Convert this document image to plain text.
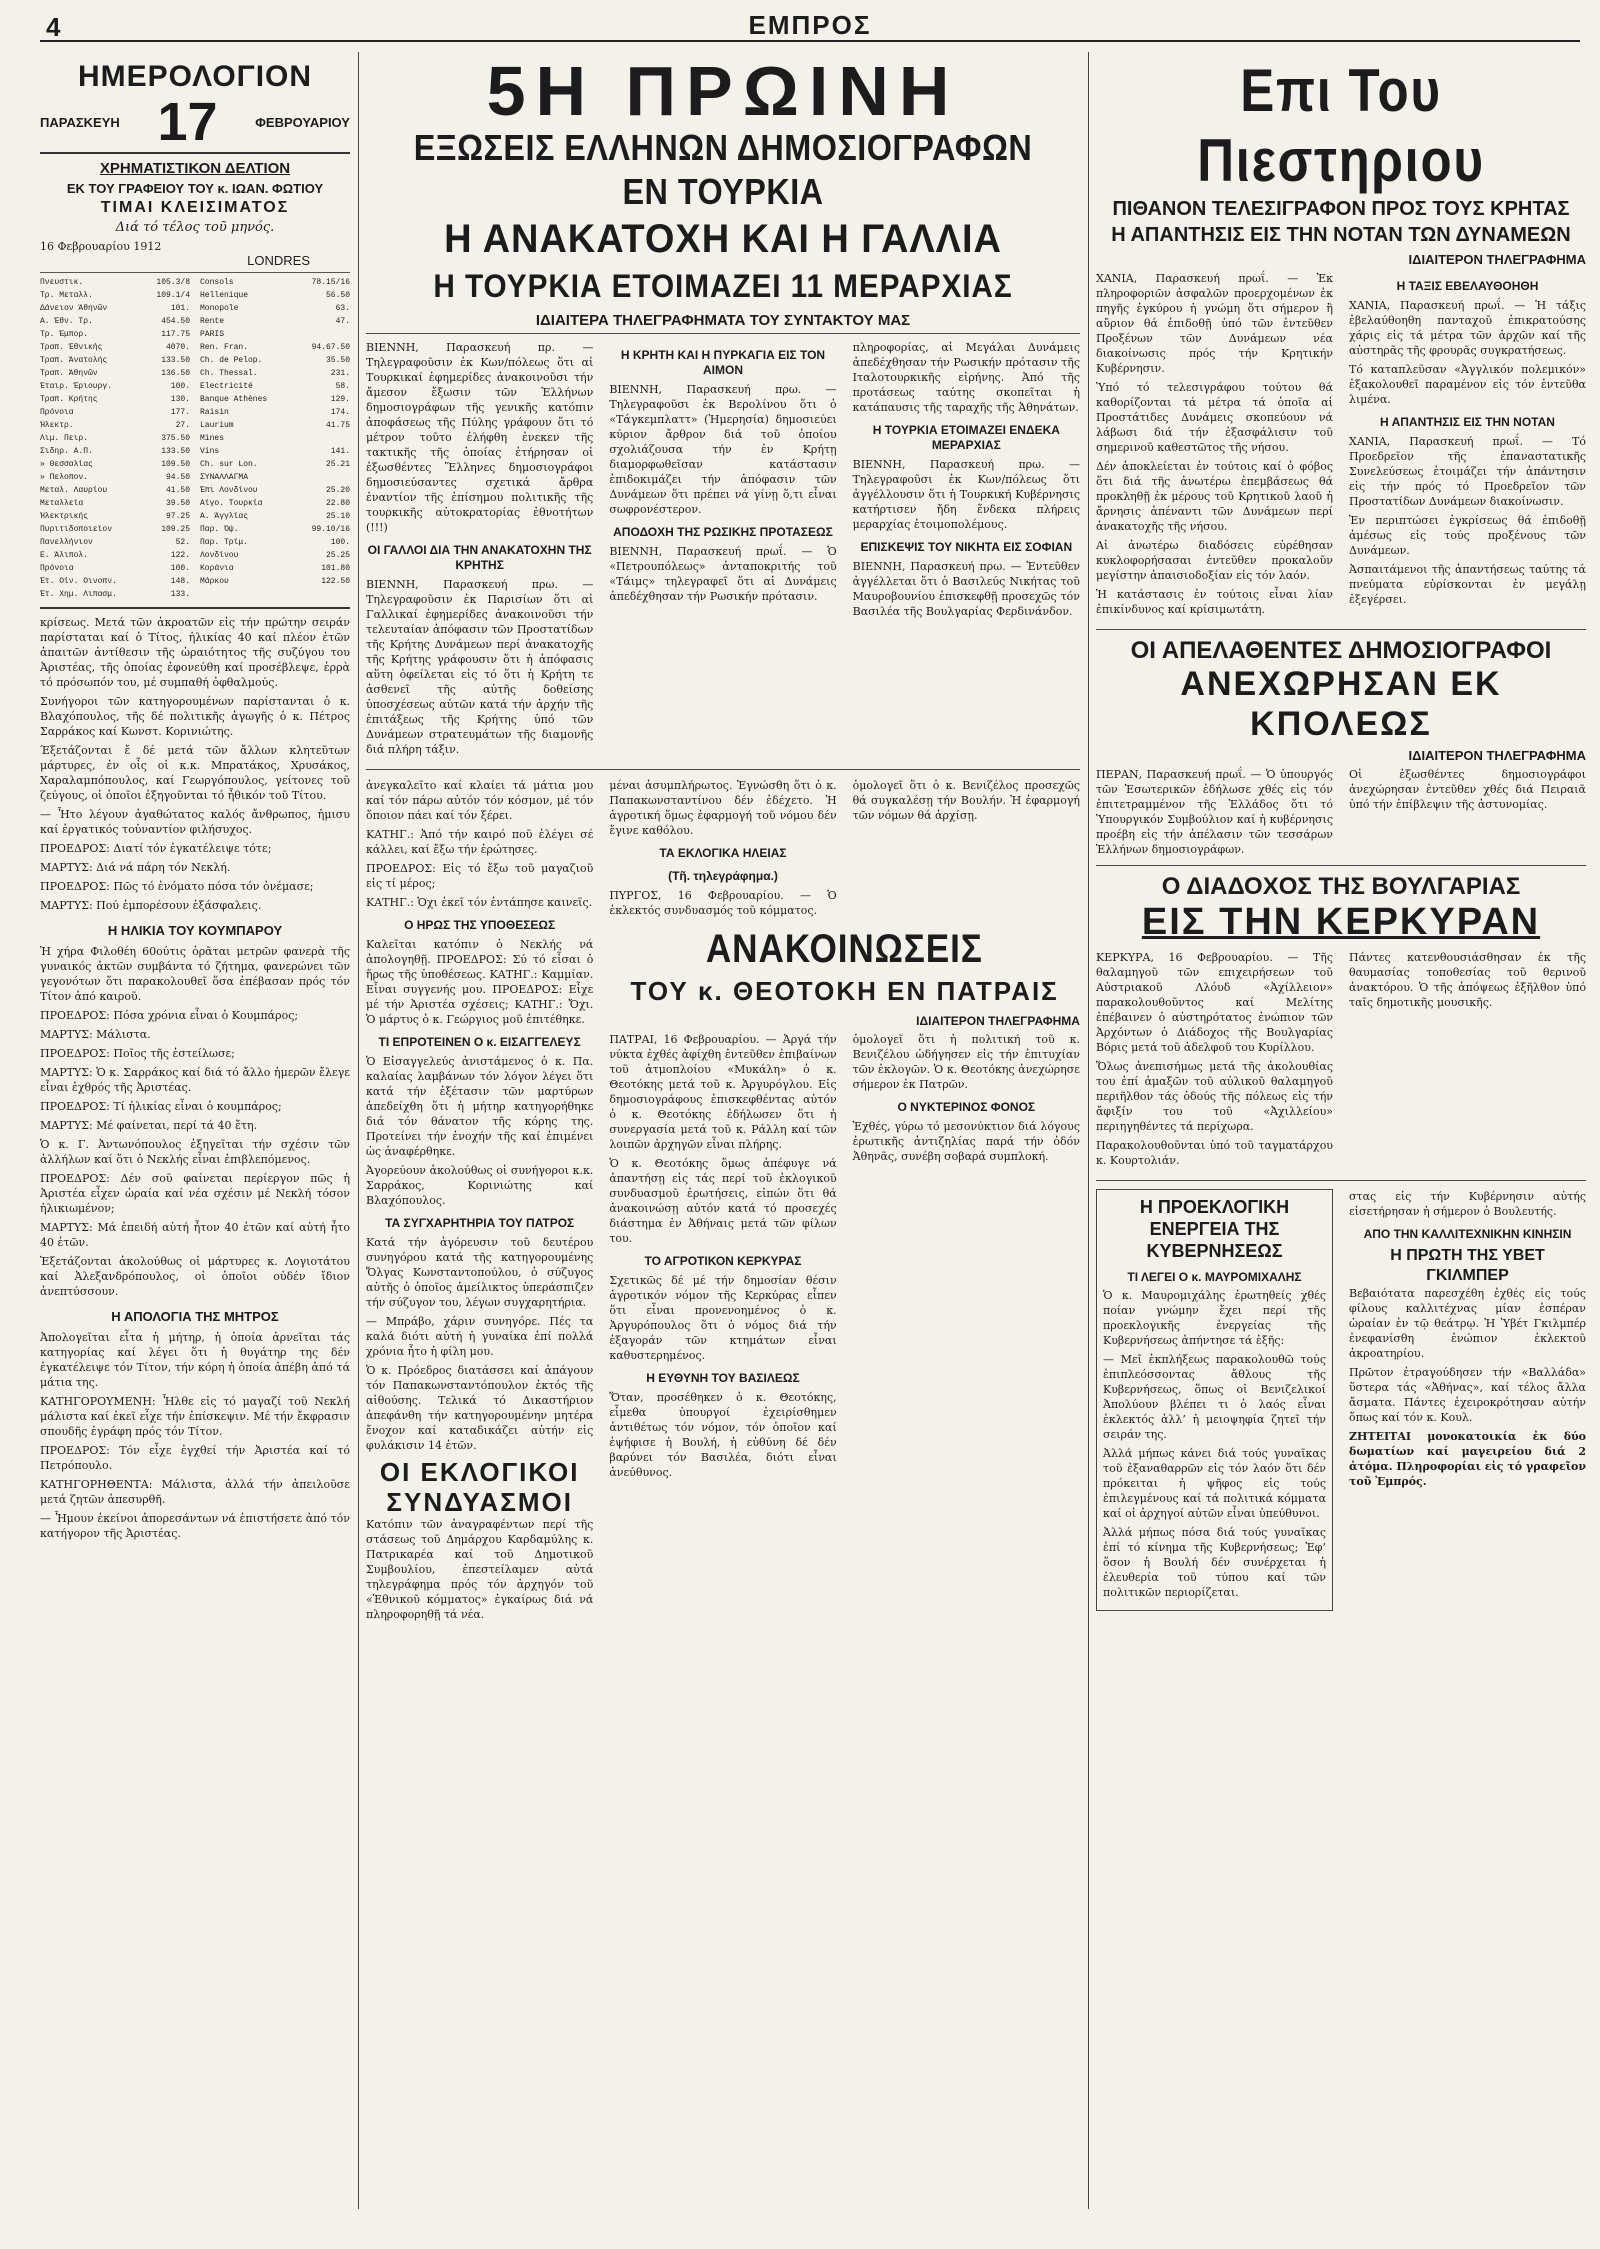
4	ΕΜΠΡΟΣ
ΗΜΕΡΟΛΟΓΙΟΝ
ΠΑΡΑΣΚΕΥΗ 17	ΦΕΒΡΟΥΑΡΙΟΥ
ΧΡΗΜΑΤΙΣΤΙΚΟΝ ΔΕΛΤΙΟΝ
ΕΚ ΤΟΥ ΓΡΑΦΕΙΟΥ ΤΟΥ κ. ΙΩΑΝ. ΦΩΤΙΟΥ
ΤΙΜΑΙ ΚΛΕΙΣΙΜΑΤΟΣ
Διά τό τέλος τοῦ μηνός.
16 Φεβρουαρίου 1912
LONDRES
Πνευστικ.	105.3/8
Τρ. Μεταλλ.	109.1/4
Δάνειον Άθηνῶν	101.
Α. Έθν. Τρ.	454.50
Τρ. Έμπορ.	117.75
Τραπ. Έθνικής	4070.
Τραπ. Άνατολής	133.50
Τραπ. Άθηνῶν	136.50
Έταιρ. Έριουργ.	100.
Τραπ. Κρήτης	130.
Πρόνοια	177.
Ήλεκτρ.	27.
Λιμ. Πειρ.	375.50
Σιδηρ. Α.Π.	133.50
» Θεσσαλίας	109.50
» Πελοπον.	94.50
Μεταλ. Λαυρίου	41.50
Μεταλλεία	39.50
Ήλεκτρικής	97.25
Πυριτιδοποιείον	109.25
Πανελλήνιον	52.
Ε. Άλιπολ.	122.
Πρόνοια	100.
Έτ. Οίν. Οινοπν.	148.
Έτ. Χημ. Λιπασμ.	133.
Consols	78.15/16
Hellenique	56.50
Monopole	63.
Rente	47.
PARIS
Ren. Fran.	94.67.50
Ch. de Pelop.	35.50
Ch. Thessal.	231.
Electricité	58.
Banque Athènes	129.
Raisin	174.
Laurium	41.75
Mines
Vins	141.
Ch. sur Lon.	25.21
ΣΥΝΑΛΛΑΓΜΑ
Έπι Λονδίνου	25.20
Αίγο. Τουρκία	22.80
Α. Άγγλίας	25.10
Παρ. Όψ.	99.10/16
Παρ. Τρίμ.	100.
Λονδίνου	25.25
Κοράνια	101.80
Μάρκου	122.50

κρίσεως. Μετά τῶν ἀκροατῶν εἰς τήν πρώτην σειράν παρίσταται καί ὁ Τίτος, ἠλικίας 40 καί πλέον ἐτῶν ἀπαιτῶν ἀντίθεσιν τῆς ὡραιότητος τῆς συζύγου του Ἀριστέας, τῆς ὁποίας ἐφονεύθη καί προσέβλεψε, ἑρρὰ τό πρόσωπόν του, μέ συμπαθή ὀφθαλμούς.

Συνήγοροι τῶν κατηγορουμένων παρίστανται ὁ κ. Βλαχόπουλος, τῆς δέ πολιτικῆς ἀγωγῆς ὁ κ. Πέτρος Σαρράκος καί Κωνστ. Κορινιώτης.

Έξετάζονται ἔ δέ μετά τῶν ἄλλων κλητεῦτων μάρτυρες, ἐν οἷς οἱ κ.κ. Μπρατάκος, Χρυσάκος, Χαραλαμπόπουλος, καί Γεωργόπουλος, γείτονες τοῦ ζεύγους, οἱ ὁποῖοι ἐξηγοῦνται τό ἦθικόν τοῦ Τίτου.

— Ἦτο λέγουν ἀγαθώτατος καλός ἄνθρωπος, ἡμισυ καί ἐργατικός τοὐναντίον φιλήσυχος.

ΠΡΟΕΔΡΟΣ: Διατί τόν ἐγκατέλειψε τότε;

ΜΑΡΤΥΣ: Διά νά πάρη τόν Νεκλή.

ΠΡΟΕΔΡΟΣ: Πῶς τό ἐνόματο πόσα τόν ὀνέμασε;

ΜΑΡΤΥΣ: Πού ἐμπορέσουν ἐξάσφαλεις.

Η ΗΛΙΚΙΑ ΤΟΥ ΚΟΥΜΠΑΡΟΥ

Ἡ χήρα Φιλοθέη 60ούτις ὁρᾶται μετρῶν φανερὰ τῆς γυναικός ἀκτῶν συμβάντα τό ζήτημα, φανερώνει τῶν γεγονότων ὅτι παρακολουθεῖ ὅσα ἐπέβασαν πρός τόν Τίτον ἀπό καιροῦ.

ΠΡΟΕΔΡΟΣ: Πόσα χρόνια εἶναι ὁ Κουμπάρος;

ΜΑΡΤΥΣ: Μάλιστα.

ΠΡΟΕΔΡΟΣ: Ποῖος τῆς ἐστείλωσε;

ΜΑΡΤΥΣ: Ὁ κ. Σαρράκος καί διά τό ἄλλο ἠμερῶν ἔλεγε εἶναι ἐχθρός τῆς Ἀριστέας.

ΠΡΟΕΔΡΟΣ: Τί ἠλικίας εἶναι ὁ κουμπάρος;

ΜΑΡΤΥΣ: Μέ φαίνεται, περί τά 40 ἔτη.

Ὁ κ. Γ. Ἀντωνόπουλος ἐξηγεῖται τήν σχέσιν τῶν ἀλλήλων καί ὅτι ὁ Νεκλής εἶναι ἐπιβλεπόμενος.

ΠΡΟΕΔΡΟΣ: Δέν σοῦ φαίνεται περίεργον πῶς ἡ Ἀριστέα εἶχεν ὠραία καί νέα σχέσιν μέ Νεκλή τόσον ἡλικιωμένον;

ΜΑΡΤΥΣ: Μά ἐπειδή αὐτή ἦτον 40 ἐτῶν καί αὐτή ἦτο 40 ἐτῶν.

Ἐξετάζονται ἀκολούθως οἱ μάρτυρες κ. Λογιοτάτου καί Ἀλεξανδρόπουλος, οἱ ὁποῖοι οὐδέν ἴδιον ἀνεπτύσσουν.

Η ΑΠΟΛΟΓΙΑ ΤΗΣ ΜΗΤΡΟΣ

Ἀπολογεῖται εἶτα ἡ μήτηρ, ἡ ὁποία ἀρνεῖται τάς κατηγορίας καί λέγει ὅτι ἡ θυγάτηρ της δέν ἐγκατέλειψε τόν Τίτον, τήν κόρη ἡ ὁποία ἀπέβη ἀπό τά μάτια της.

ΚΑΤΗΓΟΡΟΥΜΕΝΗ: Ἦλθε εἰς τό μαγαζί τοῦ Νεκλή μάλιστα καί ἐκεῖ εἶχε τήν ἐπίσκεψιν. Μέ τήν ἔκφρασιν σπουδῆς ἐγράφη πρός τόν Τίτον.

ΠΡΟΕΔΡΟΣ: Τόν εἶχε ἐγχθεί τήν Ἀριστέα καί τό Πετρόπουλο.

ΚΑΤΗΓΟΡΗΘΕΝΤΑ: Μάλιστα, ἀλλά τήν ἀπειλοῦσε μετά ζητῶν ἀπεσυρθῆ.

— Ἦμουν ἐκείνοι ἀπορεσάντων νά ἐπιστήσετε ἀπό τόν κατήγορον τῆς Ἀριστέας.

5Η ΠΡΩΙΝΗ
ΕΞΩΣΕΙΣ ΕΛΛΗΝΩΝ ΔΗΜΟΣΙΟΓΡΑΦΩΝ ΕΝ ΤΟΥΡΚΙΑ
Η ΑΝΑΚΑΤΟΧΗ ΚΑΙ Η ΓΑΛΛΙΑ
Η ΤΟΥΡΚΙΑ ΕΤΟΙΜΑΖΕΙ 11 ΜΕΡΑΡΧΙΑΣ
ΙΔΙΑΙΤΕΡΑ ΤΗΛΕΓΡΑΦΗΜΑΤΑ ΤΟΥ ΣΥΝΤΑΚΤΟΥ ΜΑΣ

ΒΙΕΝΝΗ, Παρασκευή πρ. — Τηλεγραφοῦσιν ἐκ Κων/πόλεως ὅτι αἱ Τουρκικαί ἐφημερίδες ἀνακοινοῦσι τήν ἄμεσον ἔξωσιν τῶν Ἑλλήνων δημοσιογράφων τῆς γενικῆς κατόπιν ἀποφάσεως τῆς Πύλης γράφουν ὅτι τό μέτρον τοῦτο ἐλήφθη ἐνεκεν τῆς τακτικῆς τῆς ὁποίας ἐτήρησαν οἱ ἐξωσθέντες Ἕλληνες δημοσιογράφοι δημοσιεύσαντες σχετικά ἄρθρα ἐναντίον τῆς ἐπίσημου πολιτικῆς τῆς τουρκικῆς αὐτοκρατορίας ἐθνοτήτων (!!!)

ΟΙ ΓΑΛΛΟΙ ΔΙΑ ΤΗΝ ΑΝΑΚΑΤΟΧΗΝ ΤΗΣ ΚΡΗΤΗΣ

ΒΙΕΝΝΗ, Παρασκευή πρω. — Τηλεγραφοῦσιν ἐκ Παρισίων ὅτι αἱ Γαλλικαί ἐφημερίδες ἀνακοινοῦσι τήν τελευταίαν ἀπόφασιν τῶν Προστατίδων τῆς Κρήτης Δυνάμεων περί ἀνακατοχῆς τῆς Κρήτης γράφουσιν ὅτι ἡ ἀπόφασις αὕτη ὀφείλεται εἰς τό ὅτι ἡ Κρήτη τε ἀσθενεῖ τῆς αὐτῆς δοθείσης ὑποσχέσεως αὐτῶν κατά τήν ἀρχήν τῆς ἐπιτάξεως τῆς Κρήτης ὑπό τῶν Δυνάμεων στρατευμάτων τῆς διαμονῆς διά πλήρη τάξιν.

Η ΚΡΗΤΗ ΚΑΙ Η ΠΥΡΚΑΓΙΑ ΕΙΣ ΤΟΝ ΑΙΜΟΝ

ΒΙΕΝΝΗ, Παρασκευή πρω. — Τηλεγραφοῦσι ἐκ Βερολίνου ὅτι ὁ «Τάγκεμπλαττ» (Ἠμερησία) δημοσιεύει κύριον ἄρθρον διά τοῦ ὁποίου σχολιάζουσα τήν ἐν Κρήτῃ διαμορφωθεῖσαν κατάστασιν ἐπιδοκιμάζει τήν ἀπόφασιν τῶν Δυνάμεων ὅτι πρέπει νά γίνῃ ὅ,τι εἶναι σωφρονέστερον.

ΑΠΟΔΟΧΗ ΤΗΣ ΡΩΣΙΚΗΣ ΠΡΟΤΑΣΕΩΣ

ΒΙΕΝΝΗ, Παρασκευή πρωΐ. — Ὁ «Πετρουπόλεως» ἀνταποκριτής τοῦ «Τάιμς» τηλεγραφεῖ ὅτι αἱ Δυνάμεις ἀπεδέχθησαν τήν Ρωσικήν πρότασιν.

πληροφορίας, αἱ Μεγάλαι Δυνάμεις ἀπεδέχθησαν τήν Ρωσικήν πρότασιν τῆς Ιταλοτουρκικῆς εἰρήνης. Ἀπό τῆς προτάσεως ταύτης σκοπεῖται ἡ κατάπαυσις τῆς ταραχῆς τῆς Ἀθηνάτων.

Η ΤΟΥΡΚΙΑ ΕΤΟΙΜΑΖΕΙ ΕΝΔΕΚΑ ΜΕΡΑΡΧΙΑΣ

ΒΙΕΝΝΗ, Παρασκευή πρω. — Τηλεγραφοῦσι ἐκ Κων/πόλεως ὅτι ἀγγέλλουσιν ὅτι ἡ Τουρκική Κυβέρνησις κατήρτισεν ἤδη ἕνδεκα πλήρεις μεραρχίας ἑτοιμοπολέμους.

ΕΠΙΣΚΕΨΙΣ ΤΟΥ ΝΙΚΗΤΑ ΕΙΣ ΣΟΦΙΑΝ

ΒΙΕΝΝΗ, Παρασκευή πρω. — Ἐντεῦθεν ἀγγέλλεται ὅτι ὁ Βασιλεύς Νικήτας τοῦ Μαυροβουνίου ἐπισκεφθῇ προσεχῶς τόν Βασιλέα τῆς Βουλγαρίας Φερδινάνδον.

ἀνεγκαλεῖτο καί κλαίει τά μάτια μου καί τόν πάρω αὐτόν τόν κόσμον, μέ τόν ὅποιον πάει καί τόν ξέρει.

ΚΑΤΗΓ.: Ἀπό τήν καιρό ποῦ ἐλέγει σέ κάλλει, καί ἔξω τήν ἐρώτησες.

ΠΡΟΕΔΡΟΣ: Εἰς τό ἔξω τοῦ μαγαζιοῦ εἰς τί μέρος;

ΚΑΤΗΓ.: Ὁχι ἐκεῖ τόν ἐντάπησε καινεῖς.

Ο ΗΡΩΣ ΤΗΣ ΥΠΟΘΕΣΕΩΣ

Καλεῖται κατόπιν ὁ Νεκλής νά ἀπολογηθῇ. ΠΡΟΕΔΡΟΣ: Σύ τό εἶσαι ὁ ἥρως τῆς ὑποθέσεως. ΚΑΤΗΓ.: Καμμίαν. Εἶναι συγγενής μου. ΠΡΟΕΔΡΟΣ: Εἶχε μέ τήν Ἀριστέα σχέσεις; ΚΑΤΗΓ.: Ὄχι. Ὁ μάρτυς ὁ κ. Γεώργιος μοῦ ἐπιτέθηκε.

ΤΙ ΕΠΡΟΤΕΙΝΕΝ Ο κ. ΕΙΣΑΓΓΕΛΕΥΣ

Ὁ Εἰσαγγελεύς ἀνιστάμενος ὁ κ. Πα. καλαίας λαμβάνων τόν λόγον λέγει ὅτι κατά τήν ἐξέτασιν τῶν μαρτύρων ἀπεδείχθη ὅτι ἡ μήτηρ κατηγορήθηκε διά τόν θάνατον τῆς κόρης της. Προτείνει τήν ἐνοχήν τῆς καί ἐπιμένει ὡς ἀναφέρθηκε.

Ἀγορεύουν ἀκολούθως οἱ συνήγοροι κ.κ. Σαρράκος, Κορινιώτης καί Βλαχόπουλος.

ΤΑ ΣΥΓΧΑΡΗΤΗΡΙΑ ΤΟΥ ΠΑΤΡΟΣ

Κατά τήν ἀγόρευσιν τοῦ δευτέρου συνηγόρου κατά τῆς κατηγορουμένης Ὄλγας Κωνσταντοπούλου, ὁ σύζυγος αὐτῆς ὁ ὁποῖος ἀμείλικτος ὑπεράσπιζεν τήν σύζυγον του, λέγων συγχαρητήρια.

— Μπράβο, χάριν συνηγόρε. Πές τα καλά διότι αὐτή ἡ γυναίκα ἐπί πολλά χρόνια ἦτο ἡ φίλη μου.

Ὁ κ. Πρόεδρος διατάσσει καί ἀπάγουν τόν Παπακωνσταντόπουλον ἐκτός τῆς αἰθούσης. Τελικά τό Δικαστήριον ἀπεφάνθη τήν κατηγορουμένην μητέρα ἔνοχον καί καταδικάζει αὐτήν εἰς φυλάκισιν 14 ἐτῶν.

ΟΙ ΕΚΛΟΓΙΚΟΙ ΣΥΝΔΥΑΣΜΟΙ

Κατόπιν τῶν ἀναγραφέντων περί τῆς στάσεως τοῦ Δημάρχου Καρδαμύλης κ. Πατρικαρέα καί τοῦ Δημοτικοῦ Συμβουλίου, ἐπεστείλαμεν αὐτά τηλεγράφημα πρός τόν ἀρχηγόν τοῦ «Ἐθνικοῦ κόμματος» ἐγκαίρως διά νά πληροφορηθῇ τά νέα.

μέναι ἀσυμπλήρωτος. Ἐγνώσθη ὅτι ὁ κ. Παπακωνσταντίνου δέν ἐδέχετο. Ἡ ἀγροτική ὅμως ἐφαρμογή τοῦ νόμου δέν ἔγινε καθόλου.

ΤΑ ΕΚΛΟΓΙΚΑ ΗΛΕΙΑΣ
(Τῆ. τηλεγράφημα.)

ΠΥΡΓΟΣ, 16 Φεβρουαρίου. — Ὁ ἐκλεκτός συνδυασμός τοῦ κόμματος.

ὁμολογεῖ ὅτι ὁ κ. Βενιζέλος προσεχῶς θά συγκαλέσῃ τήν Βουλήν. Ἡ ἐφαρμογή τῶν νόμων θά ἀρχίσῃ.

ΑΝΑΚΟΙΝΩΣΕΙΣ
ΤΟΥ κ. ΘΕΟΤΟΚΗ ΕΝ ΠΑΤΡΑΙΣ
ΙΔΙΑΙΤΕΡΟΝ ΤΗΛΕΓΡΑΦΗΜΑ

ΠΑΤΡΑΙ, 16 Φεβρουαρίου. — Ἀργά τήν νύκτα ἐχθές ἀφίχθη ἐντεῦθεν ἐπιβαίνων τοῦ ἀτμοπλοίου «Μυκάλη» ὁ κ. Θεοτόκης μετά τοῦ κ. Ἀργυρόγλου. Εἰς δημοσιογράφους ἐπισκεφθέντας αὐτόν ὁ κ. Θεοτόκης ἐδήλωσεν ὅτι ἡ συνεργασία μετά τοῦ κ. Ράλλη καί τῶν λοιπῶν ἀρχηγῶν εἶναι πλήρης.

Ὁ κ. Θεοτόκης ὅμως ἀπέφυγε νά ἀπαντήσῃ εἰς τάς περί τοῦ ἐκλογικοῦ συνδυασμοῦ ἐρωτήσεις, εἰπών ὅτι θά ἀνακοινώσῃ αὐτόν κατά τό προσεχές διάστημα ἐν Ἀθήναις μετά τῶν φίλων του.

ΤΟ ΑΓΡΟΤΙΚΟΝ ΚΕΡΚΥΡΑΣ

Σχετικῶς δέ μέ τήν δημοσίαν θέσιν ἀγροτικόν νόμον τῆς Κερκύρας εἶπεν ὅτι εἶναι προνενοημένος ὁ κ. Ἀργυρόπουλος ὅτι ὁ νόμος διά τήν ἐξαγοράν τῶν κτημάτων εἶναι καθυστερημένος.

Η ΕΥΘΥΝΗ ΤΟΥ ΒΑΣΙΛΕΩΣ

Ὅταν, προσέθηκεν ὁ κ. Θεοτόκης, εἶμεθα ὑπουργοί ἐχειρίσθημεν ἀντιθέτως τόν νόμον, τόν ὁποῖον καί ἐψήφισε ἡ Βουλή, ἡ εὐθύνη δέ δέν βαρύνει τόν Βασιλέα, διότι εἶναι ἀνεύθυνος.

ὁμολογεῖ ὅτι ἡ πολιτική τοῦ κ. Βενιζέλου ὡδήγησεν εἰς τήν ἐπιτυχίαν τῶν ἐκλογῶν. Ὁ κ. Θεοτόκης ἀνεχώρησε σήμερον ἐκ Πατρῶν.

Ο ΝΥΚΤΕΡΙΝΟΣ ΦΟΝΟΣ

Ἐχθές, γύρω τό μεσονύκτιον διά λόγους ἐρωτικῆς ἀντιζηλίας παρά τήν ὁδόν Ἀθηνᾶς, συνέβη σοβαρά συμπλοκή.

Επι Του Πιεστηριου
ΠΙΘΑΝΟΝ ΤΕΛΕΣΙΓΡΑΦΟΝ ΠΡΟΣ ΤΟΥΣ ΚΡΗΤΑΣ
Η ΑΠΑΝΤΗΣΙΣ ΕΙΣ ΤΗΝ ΝΟΤΑΝ ΤΩΝ ΔΥΝΑΜΕΩΝ
ΙΔΙΑΙΤΕΡΟΝ ΤΗΛΕΓΡΑΦΗΜΑ

ΧΑΝΙΑ, Παρασκευή πρωΐ. — Ἐκ πληροφοριῶν ἀσφαλῶν προερχομένων ἐκ πηγῆς ἐγκύρου ἡ γνώμη ὅτι σήμερον ἢ αὔριον θά ἐπιδοθῇ ὑπό τῶν ἐντεῦθεν Προξένων τῶν Δυνάμεων νέα διακοίνωσις πρός τήν Κρητικήν Κυβέρνησιν.

Ὑπό τό τελεσιγράφου τούτου θά καθορίζονται τά μέτρα τά ὁποῖα αἱ Προστάτιδες Δυνάμεις σκοπεύουν νά λάβωσι διά τήν ἐξασφάλισιν τοῦ σημερινοῦ καθεστῶτος τῆς νήσου.

Δέν ἀποκλείεται ἐν τούτοις καί ὁ φόβος ὅτι διά τῆς ἀνωτέρω ἐπεμβάσεως θά προκληθῇ ἐκ μέρους τοῦ Κρητικοῦ λαοῦ ἡ ἄρνησις ἀπέναντι τῶν Δυνάμεων περί ἀνακατοχῆς τῆς νήσου.

Αἱ ἀνωτέρω διαδόσεις εὑρέθησαν κυκλοφορήσασαι ἐντεῦθεν προκαλοῦν μεγίστην ἀπαισιοδοξίαν εἰς τόν λαόν.

Ἡ κατάστασις ἐν τούτοις εἶναι λίαν ἐπικίνδυνος καί κρίσιμωτάτη.

Η ΤΑΞΙΣ ΕΒΕΛΑΥΘΟΗΘΗ

ΧΑΝΙΑ, Παρασκευή πρωΐ. — Ἡ τάξις ἐβελαύθοηθη πανταχοῦ ἐπικρατούσης χάρις εἰς τά μέτρα τῶν ἀρχῶν καί τῆς αὐστηρᾶς τῆς φρουρᾶς συγκρατήσεως.

Τό καταπλεῦσαν «Ἀγγλικόν πολεμικόν» ἐξακολουθεῖ παραμένον εἰς τόν ἐντεῦθα λιμένα.

Η ΑΠΑΝΤΗΣΙΣ ΕΙΣ ΤΗΝ ΝΟΤΑΝ

ΧΑΝΙΑ, Παρασκευή πρωΐ. — Τό Προεδρεῖον τῆς ἐπαναστατικῆς Συνελεύσεως ἑτοιμάζει τήν ἀπάντησιν εἰς τήν πρός τό Προεδρεῖον τῶν Προστατίδων Δυνάμεων διακοίνωσιν.

Ἐν περιπτώσει ἐγκρίσεως θά ἐπιδοθῇ ἀμέσως εἰς τούς προξένους τῶν Δυνάμεων.

Ἀσπαιτάμενοι τῆς ἀπαντήσεως ταύτης τά πνεύματα εὑρίσκονται ἐν μεγάλῃ ἐξεγέρσει.

ΟΙ ΑΠΕΛΑΘΕΝΤΕΣ ΔΗΜΟΣΙΟΓΡΑΦΟΙ
ΑΝΕΧΩΡΗΣΑΝ ΕΚ ΚΠΟΛΕΩΣ
ΙΔΙΑΙΤΕΡΟΝ ΤΗΛΕΓΡΑΦΗΜΑ
ΠΕΡΑΝ, Παρασκευή πρωΐ. — Ὁ ὑπουργός τῶν Ἐσωτερικῶν ἐδήλωσε χθές εἰς τόν ἐπιτετραμμένον τῆς Ἑλλάδος ὅτι τό Ὑπουργικόν Συμβούλιον καί ἡ κυβέρνησις προέβη εἰς τήν ἀπέλασιν τῶν τεσσάρων Ἑλλήνων δημοσιογράφων.
Οἱ ἐξωσθέντες δημοσιογράφοι ἀνεχώρησαν ἐντεῦθεν χθές διά Πειραιᾶ ὑπό τήν ἐπίβλεψιν τῆς ἀστυνομίας.
Ο ΔΙΑΔΟΧΟΣ ΤΗΣ ΒΟΥΛΓΑΡΙΑΣ
ΕΙΣ ΤΗΝ ΚΕΡΚΥΡΑΝ

ΚΕΡΚΥΡΑ, 16 Φεβρουαρίου. — Τῆς θαλαμηγοῦ τῶν επιχειρήσεων τοῦ Αὐστριακοῦ Λλόυδ «Ἀχίλλειον» παρακολουθοῦντος καί Μελίτης ἐπέβαινεν ὁ αὐστηρότατος ἐνώπιον τῶν Ἀρχόντων ὁ Διάδοχος τῆς Βουλγαρίας Βόρις μετά τοῦ ἀδελφοῦ του Κυρίλλου.

Ὅλως ἀνεπισήμως μετά τῆς ἀκολουθίας του ἐπί ἁμαξῶν τοῦ αὐλικοῦ θαλαμηγοῦ περιῆλθον τάς ὁδούς τῆς πόλεως εἰς τήν ἄφιξίν του τοῦ «Ἀχιλλείου» περιηγηθέντες τά περίχωρα.

Παρακολουθοῦνται ὑπό τοῦ ταγματάρχου κ. Κουρτολιάν.

Πάντες κατενθουσιάσθησαν ἐκ τῆς θαυμασίας τοποθεσίας τοῦ θερινοῦ ἀνακτόρου. Ὁ τῆς ἀπόψεως ἐξῆλθον ὑπό ταῖς δημοτικῆς μουσικῆς.

Η ΠΡΟΕΚΛΟΓΙΚΗ ΕΝΕΡΓΕΙΑ ΤΗΣ ΚΥΒΕΡΝΗΣΕΩΣ
ΤΙ ΛΕΓΕΙ Ο κ. ΜΑΥΡΟΜΙΧΑΛΗΣ

Ὁ κ. Μαυρομιχάλης ἐρωτηθείς χθές ποίαν γνώμην ἔχει περί τῆς προεκλογικῆς ἐνεργείας τῆς Κυβερνήσεως ἀπήντησε τά ἑξῆς:

— Μεῖ ἐκπλήξεως παρακολουθῶ τούς ἐπιπλεόσσοντας ἄθλους τῆς Κυβερνήσεως, ὅπως οἱ Βενιζελικοί Ἀπολύουν βλέπει τι ὁ λαός εἶναι ἐκλεκτός ἀλλ’ ἡ μειοψηφία ζητεῖ τήν σειράν της.

Ἀλλά μήπως κάνει διά τούς γυναῖκας τοῦ ἐξαναθαρρῶν εἰς τόν λαόν ὅτι δέν πρόκειται ἡ ψῆφος εἰς τούς ἐπιλεγμένους καί τά πολιτικά κόμματα καί οἱ ἀρχηγοί αὐτῶν εἶναι ὑπεύθυνοι.

Ἀλλά μήπως πόσα διά τούς γυναῖκας ἐπί τό κίνημα τῆς Κυβερνήσεως; Ἐφ’ ὅσον ἡ Βουλή δέν συνέρχεται ἡ ἐλευθερία τοῦ τύπου καί τῶν πολιτικῶν περιορίζεται.

στας εἰς τήν Κυβέρνησιν αὐτής εἰσετήρησαν ἡ σήμερον ὁ Βουλευτής.

ΑΠΟ ΤΗΝ ΚΑΛΛΙΤΕΧΝΙΚΗΝ ΚΙΝΗΣΙΝ
Η ΠΡΩΤΗ ΤΗΣ ΥΒΕΤ ΓΚΙΛΜΠΕΡ

Βεβαιότατα παρεσχέθη ἐχθές εἰς τούς φίλους καλλιτέχνας μίαν ἑσπέραν ὡραίαν ἐν τῷ θεάτρῳ. Ἡ Ὑβέτ Γκιλμπέρ ἐνεφανίσθη ἐνώπιον ἐκλεκτοῦ ἀκροατηρίου.

Πρῶτον ἐτραγούδησεν τήν «Βαλλάδα» ὕστερα τάς «Ἀθήνας», καί τέλος ἄλλα ἄσματα. Πάντες ἐχειροκρότησαν αὐτήν ὅπως καί τόν κ. Κουλ.

ΖΗΤΕΙΤΑΙ μονοκατοικία ἐκ δύο δωματίων καί μαγειρείου διά 2 ἀτόμα. Πληροφορίαι εἰς τό γραφεῖον τοῦ Ἐμπρός.
